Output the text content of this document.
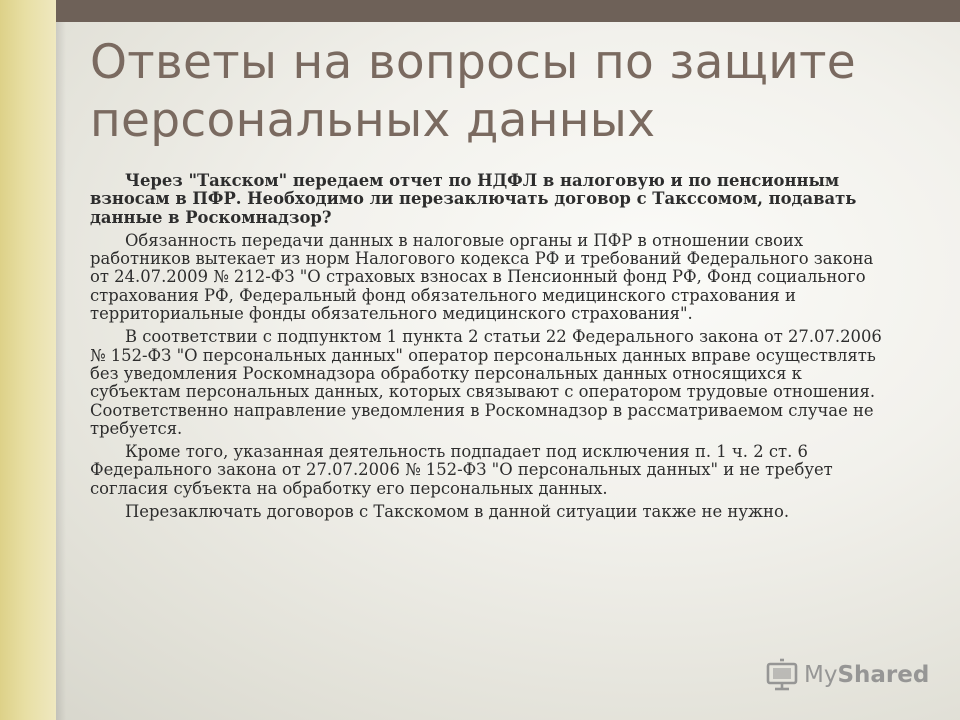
Ответы на вопросы по защите
персональных данных

Через "Такском" передаем отчет по НДФЛ в налоговую и по пенсионным взносам в ПФР. Необходимо ли перезаключать договор с Таксcомом, подавать данные в Роскомнадзор?

Обязанность передачи данных в налоговые органы и ПФР в отношении своих работников вытекает из норм Налогового кодекса РФ и требований Федерального закона от 24.07.2009 № 212-ФЗ "О страховых взносах в Пенсионный фонд РФ, Фонд социального страхования РФ, Федеральный фонд обязательного медицинского страхования и территориальные фонды обязательного медицинского страхования".

В соответствии с подпунктом 1 пункта 2 статьи 22 Федерального закона от 27.07.2006 № 152-ФЗ "О персональных данных" оператор персональных данных вправе осуществлять без уведомления Роскомнадзора обработку персональных данных относящихся к субъектам персональных данных, которых связывают с оператором трудовые отношения. Соответственно направление уведомления в Роскомнадзор в рассматриваемом случае не требуется.

Кроме того, указанная деятельность подпадает под исключения п. 1 ч. 2 ст. 6 Федерального закона от 27.07.2006 № 152-ФЗ "О персональных данных" и не требует согласия субъекта на обработку его персональных данных.

Перезаключать договоров с Такскомом в данной ситуации также не нужно.

My Shared
